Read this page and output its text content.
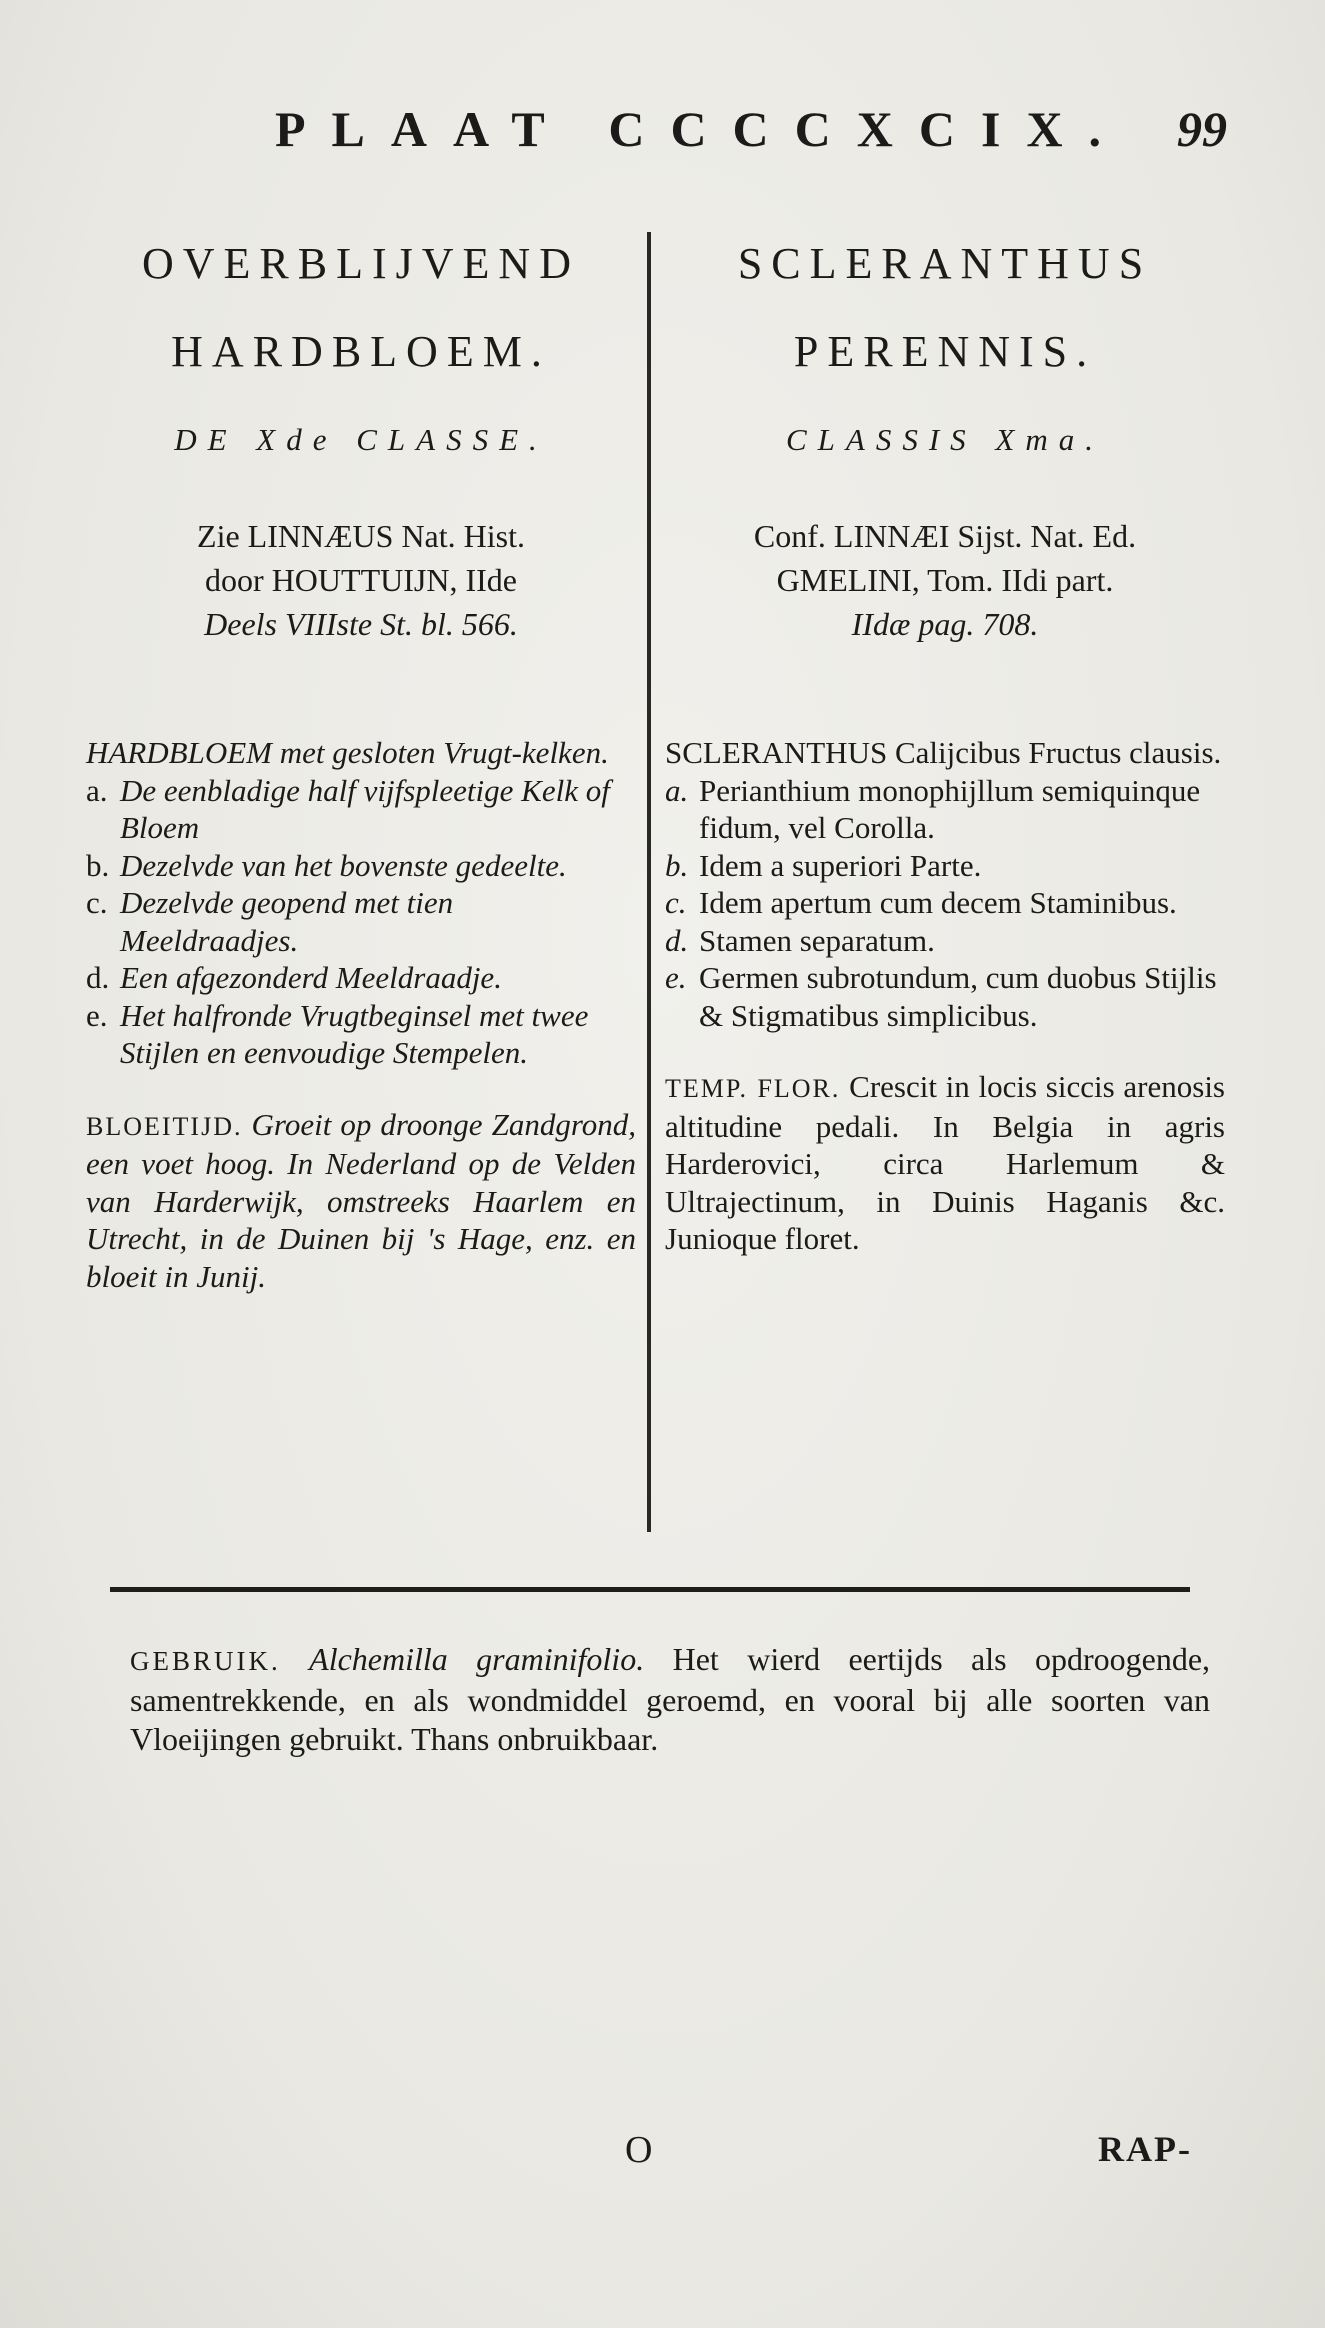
PLAAT CCCCXCIX. 99
OVERBLIJVEND
HARDBLOEM.
DE Xde CLASSE.
Zie LINNÆUS Nat. Hist.
door HOUTTUIJN, IIde
Deels VIIIste St. bl. 566.
HARDBLOEM met gesloten Vrugt-kelken.
a. De eenbladige half vijfspleetige Kelk of Bloem
b. Dezelvde van het bovenste gedeelte.
c. Dezelvde geopend met tien Meeldraadjes.
d. Een afgezonderd Meeldraadje.
e. Het halfronde Vrugtbeginsel met twee Stijlen en eenvoudige Stempelen.
BLOEITIJD. Groeit op droonge Zandgrond, een voet hoog. In Nederland op de Velden van Harderwijk, omstreeks Haarlem en Utrecht, in de Duinen bij 's Hage, enz. en bloeit in Junij.
SCLERANTHUS
PERENNIS.
CLASSIS Xma.
Conf. LINNÆI Sijst. Nat. Ed.
GMELINI, Tom. IIdi part.
IIdæ pag. 708.
SCLERANTHUS Calijcibus Fructus clausis.
a. Perianthium monophijllum semiquinque fidum, vel Corolla.
b. Idem a superiori Parte.
c. Idem apertum cum decem Staminibus.
d. Stamen separatum.
e. Germen subrotundum, cum duobus Stijlis & Stigmatibus simplicibus.
TEMP. FLOR. Crescit in locis siccis arenosis altitudine pedali. In Belgia in agris Harderovici, circa Harlemum & Ultrajectinum, in Duinis Haganis &c. Junioque floret.
GEBRUIK. Alchemilla graminifolio. Het wierd eertijds als opdroogende, samentrekkende, en als wondmiddel geroemd, en vooral bij alle soorten van Vloeijingen gebruikt. Thans onbruikbaar.
O	RAP-
